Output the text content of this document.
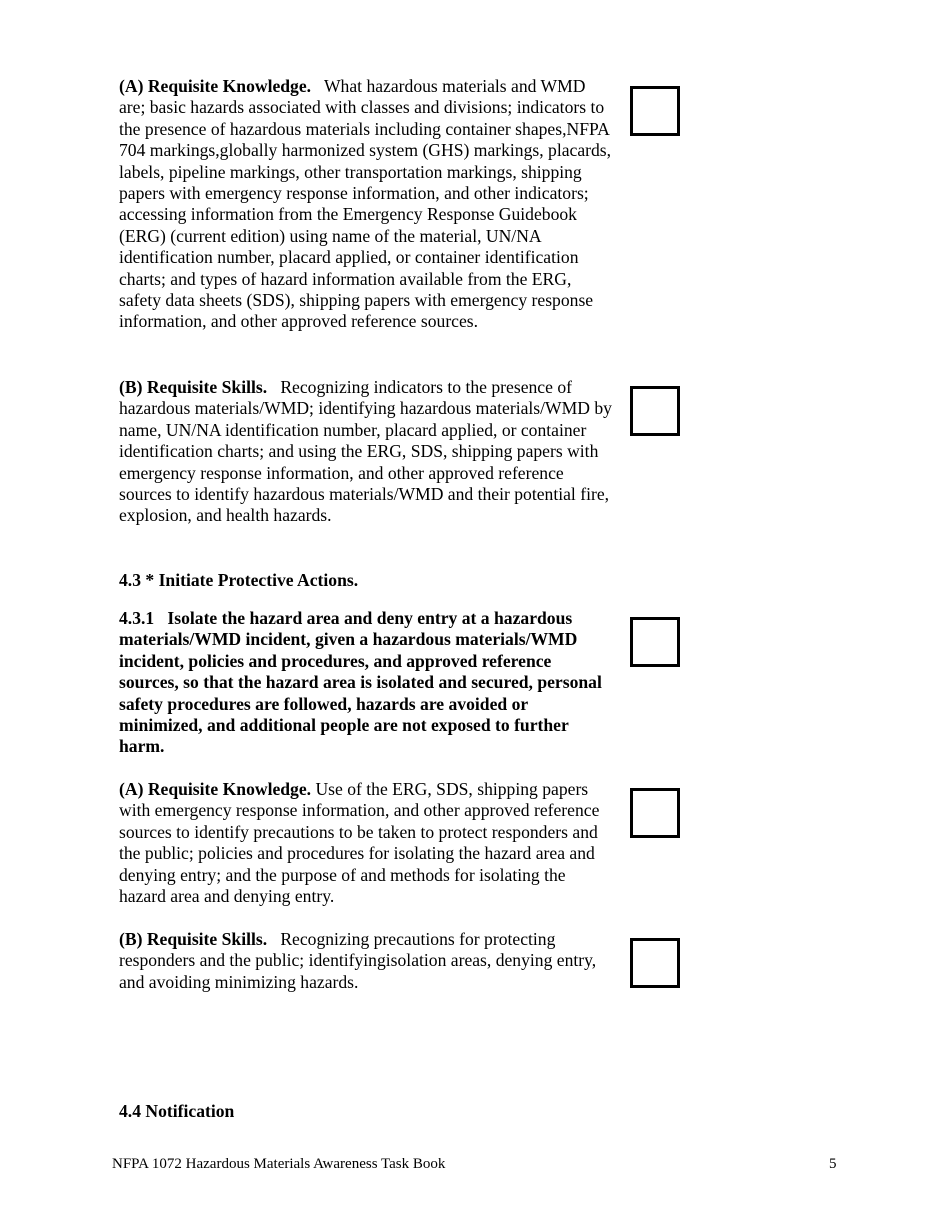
(A) Requisite Knowledge. What hazardous materials and WMD are; basic hazards associated with classes and divisions; indicators to the presence of hazardous materials including container shapes,NFPA 704 markings,globally harmonized system (GHS) markings, placards, labels, pipeline markings, other transportation markings, shipping papers with emergency response information, and other indicators; accessing information from the Emergency Response Guidebook (ERG) (current edition) using name of the material, UN/NA identification number, placard applied, or container identification charts; and types of hazard information available from the ERG, safety data sheets (SDS), shipping papers with emergency response information, and other approved reference sources.

(B) Requisite Skills. Recognizing indicators to the presence of hazardous materials/WMD; identifying hazardous materials/WMD by name, UN/NA identification number, placard applied, or container identification charts; and using the ERG, SDS, shipping papers with emergency response information, and other approved reference sources to identify hazardous materials/WMD and their potential fire, explosion, and health hazards.

4.3 * Initiate Protective Actions.

4.3.1 Isolate the hazard area and deny entry at a hazardous materials/WMD incident, given a hazardous materials/WMD incident, policies and procedures, and approved reference sources, so that the hazard area is isolated and secured, personal safety procedures are followed, hazards are avoided or minimized, and additional people are not exposed to further harm.

(A) Requisite Knowledge. Use of the ERG, SDS, shipping papers with emergency response information, and other approved reference sources to identify precautions to be taken to protect responders and the public; policies and procedures for isolating the hazard area and denying entry; and the purpose of and methods for isolating the hazard area and denying entry.

(B) Requisite Skills. Recognizing precautions for protecting responders and the public; identifyingisolation areas, denying entry, and avoiding minimizing hazards.

4.4 Notification

NFPA 1072 Hazardous Materials Awareness Task Book	5
